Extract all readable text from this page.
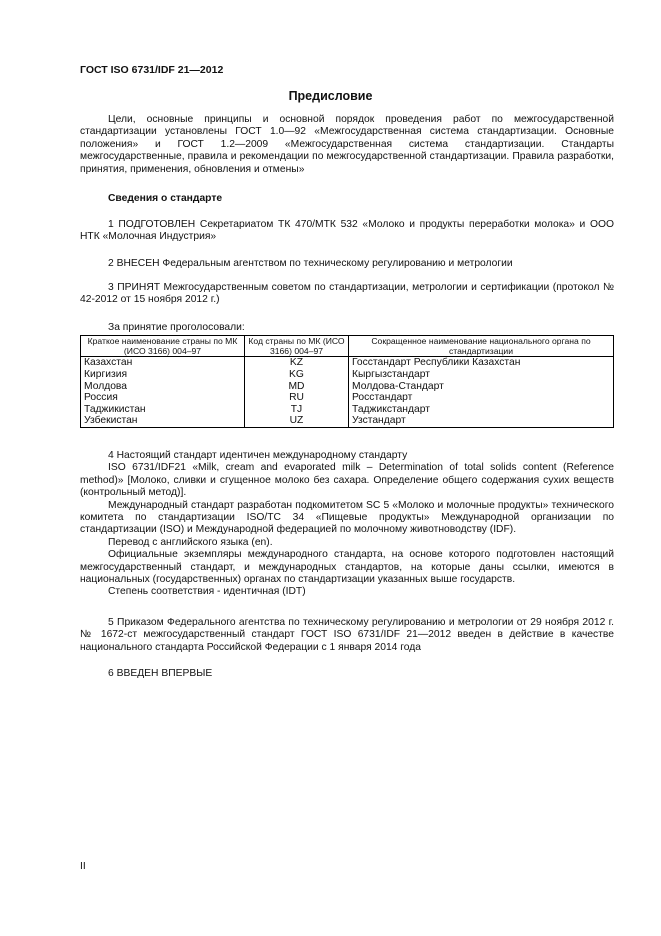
ГОСТ ISO 6731/IDF 21—2012
Предисловие

Цели, основные принципы и основной порядок проведения работ по межгосударственной стандартизации установлены ГОСТ 1.0—92 «Межгосударственная система стандартизации. Основные положения» и ГОСТ 1.2—2009 «Межгосударственная система стандартизации. Стандарты межгосударственные, правила и рекомендации по межгосударственной стандартизации. Правила разработки, принятия, применения, обновления и отмены»

Сведения о стандарте

1 ПОДГОТОВЛЕН Секретариатом ТК 470/МТК 532 «Молоко и продукты переработки молока» и ООО НТК «Молочная Индустрия»

2 ВНЕСЕН Федеральным агентством по техническому регулированию и метрологии

3 ПРИНЯТ Межгосударственным советом по стандартизации, метрологии и сертификации (протокол № 42-2012 от 15 ноября 2012 г.)

За принятие проголосовали:
Краткое наименование страны по МК (ИСО 3166) 004–97	Код страны по МК (ИСО 3166) 004–97	Сокращенное наименование национального органа по стандартизации
Казахстан	KZ	Госстандарт Республики Казахстан
Киргизия	KG	Кыргызстандарт
Молдова	MD	Молдова-Стандарт
Россия	RU	Росстандарт
Таджикистан	TJ	Таджикстандарт
Узбекистан	UZ	Узстандарт

4 Настоящий стандарт идентичен международному стандарту

ISO 6731/IDF21 «Milk, cream and evaporated milk – Determination of total solids content (Reference method)» [Молоко, сливки и сгущенное молоко без сахара. Определение общего содержания сухих веществ (контрольный метод)].

Международный стандарт разработан подкомитетом SC 5 «Молоко и молочные продукты» технического комитета по стандартизации ISO/TC 34 «Пищевые продукты» Международной организации по стандартизации (ISO) и Международной федерацией по молочному животноводству (IDF).

Перевод с английского языка (en).

Официальные экземпляры международного стандарта, на основе которого подготовлен настоящий межгосударственный стандарт, и международных стандартов, на которые даны ссылки, имеются в национальных (государственных) органах по стандартизации указанных выше государств.

Степень соответствия - идентичная (IDT)

5 Приказом Федерального агентства по техническому регулированию и метрологии от 29 ноября 2012 г. № 1672-ст межгосударственный стандарт ГОСТ ISO 6731/IDF 21—2012 введен в действие в качестве национального стандарта Российской Федерации с 1 января 2014 года

6 ВВЕДЕН ВПЕРВЫЕ

II
